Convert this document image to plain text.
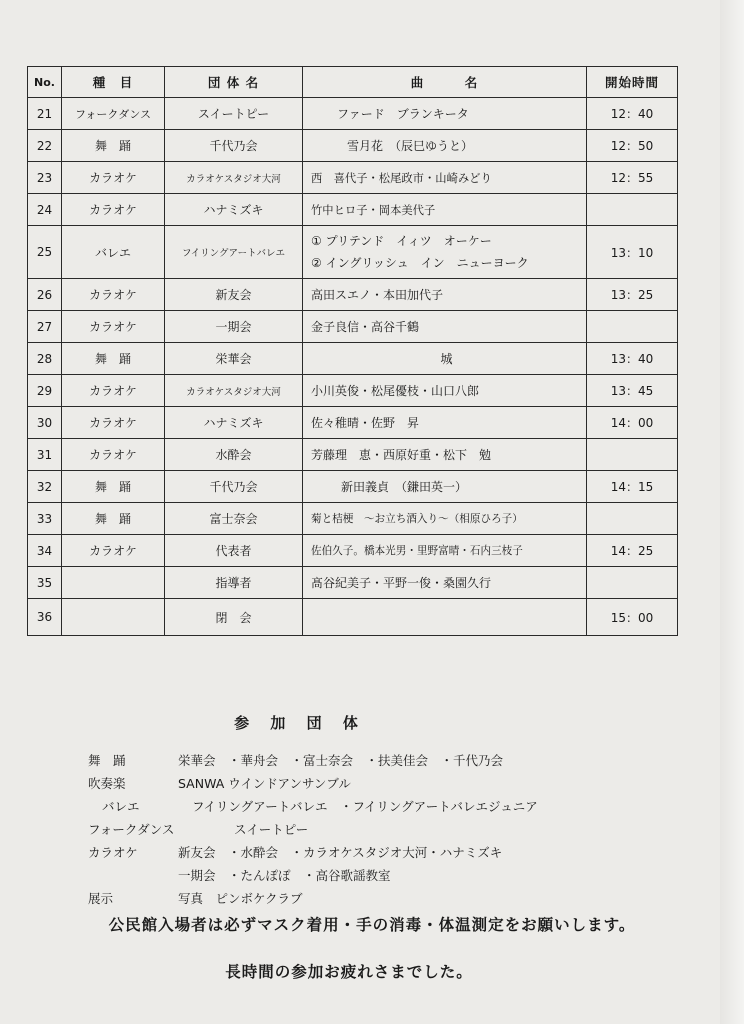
No.	種　目	団 体 名	曲　　　名	開始時間
21	フォークダンス	スイートピー	ファード　ブランキータ	12：40
22	舞　踊	千代乃会	雪月花　（辰巳ゆうと）	12：50
23	カラオケ	カラオケスタジオ大河	西　喜代子・松尾政市・山崎みどり	12：55
24	カラオケ	ハナミズキ	竹中ヒロ子・岡本美代子	
25	バレエ	フイリングアートバレエ	① プリテンド　イィツ　オーケー
② イングリッシュ　イン　ニューヨーク	13：10
26	カラオケ	新友会	高田スエノ・本田加代子	13：25
27	カラオケ	一期会	金子良信・高谷千鶴	
28	舞　踊	栄華会	城	13：40
29	カラオケ	カラオケスタジオ大河	小川英俊・松尾優枝・山口八郎	13：45
30	カラオケ	ハナミズキ	佐々稚晴・佐野　昇	14：00
31	カラオケ	水酔会	芳藤理　恵・西原好重・松下　勉	
32	舞　踊	千代乃会	新田義貞　（鎌田英一）	14：15
33	舞　踊	富士奈会	菊と桔梗　～お立ち酒入り～（相原ひろ子）	
34	カラオケ	代表者	佐伯久子。橋本光男・里野富晴・石内三枝子	14：25
35		指導者	髙谷紀美子・平野一俊・桑園久行	
36		閉　会		15：00
参 加 団 体
舞　踊	栄華会　・華舟会　・富士奈会　・扶美佳会　・千代乃会
吹奏楽	SANWA ウインドアンサンブル
バレエ	フイリングアートバレエ　・フイリングアートバレエジュニア
フォークダンス	スイートピー
カラオケ	新友会　・水酔会　・カラオケスタジオ大河・ハナミズキ
一期会　・たんぽぽ　・高谷歌謡教室
展示	写真　ピンボケクラブ
公民館入場者は必ずマスク着用・手の消毒・体温測定をお願いします。
長時間の参加お疲れさまでした。
